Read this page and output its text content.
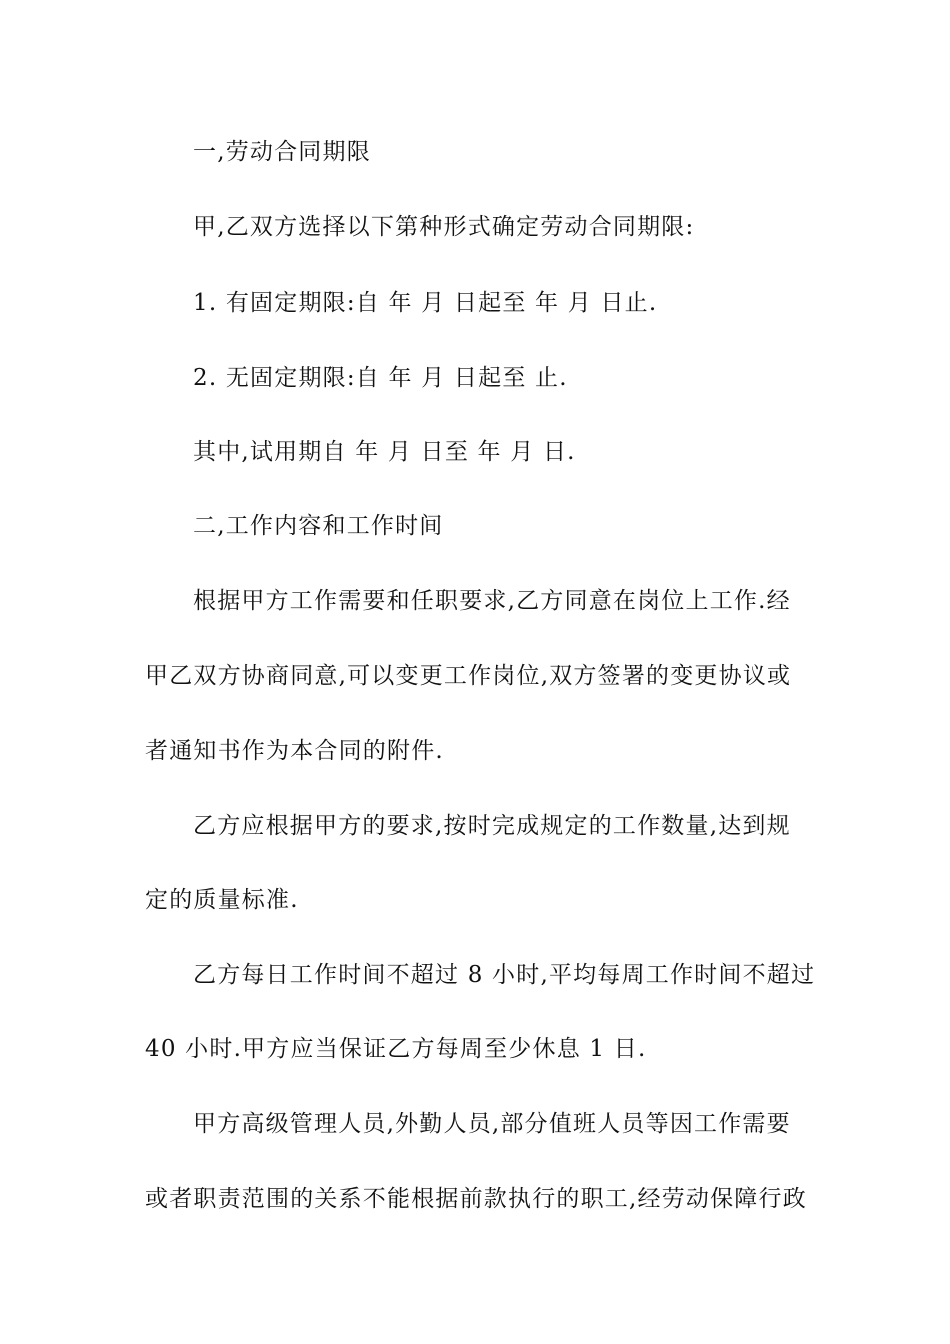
一,劳动合同期限

甲,乙双方选择以下第种形式确定劳动合同期限:

1. 有固定期限:自 年 月 日起至 年 月 日止.

2. 无固定期限:自 年 月 日起至 止.

其中,试用期自 年 月 日至 年 月 日.

二,工作内容和工作时间

根据甲方工作需要和任职要求,乙方同意在岗位上工作.经

甲乙双方协商同意,可以变更工作岗位,双方签署的变更协议或

者通知书作为本合同的附件.

乙方应根据甲方的要求,按时完成规定的工作数量,达到规

定的质量标准.

乙方每日工作时间不超过 8 小时,平均每周工作时间不超过

40 小时.甲方应当保证乙方每周至少休息 1 日.

甲方高级管理人员,外勤人员,部分值班人员等因工作需要

或者职责范围的关系不能根据前款执行的职工,经劳动保障行政
